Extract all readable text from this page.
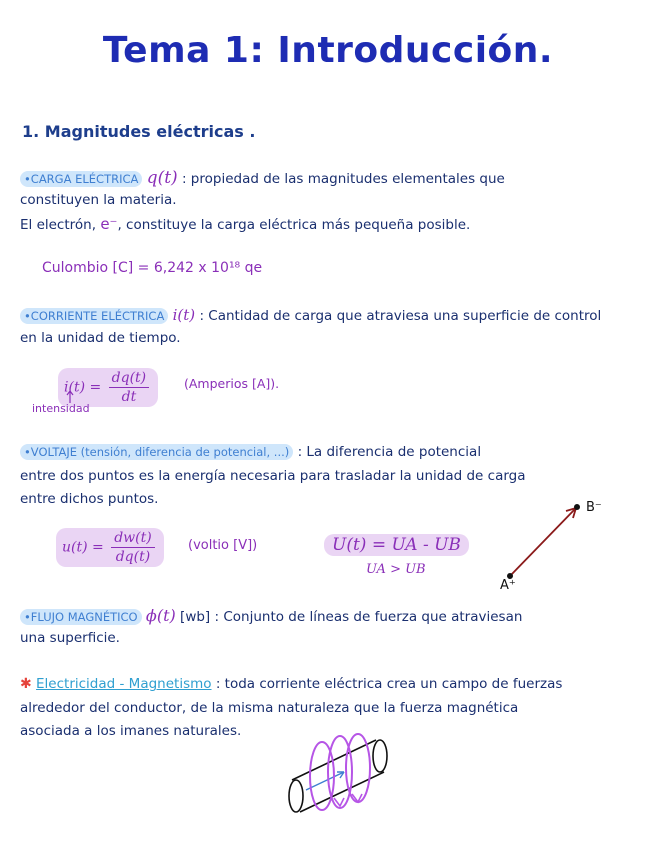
Tema 1: Introducción.
1. Magnitudes eléctricas .
•CARGA ELÉCTRICA q(t) : propiedad de las magnitudes elementales que
constituyen la materia.
El electrón, e⁻, constituye la carga eléctrica más pequeña posible.
Culombio [C] = 6,242 x 10¹⁸ qe
•CORRIENTE ELÉCTRICA i(t) : Cantidad de carga que atraviesa una superficie de control
en la unidad de tiempo.
$i(t) = \frac{dq(t)}{dt}$	(Amperios [A]).
intensidad
•VOLTAJE (tensión, diferencia de potencial, ...) : La diferencia de potencial
entre dos puntos es la energía necesaria para trasladar la unidad de carga
entre dichos puntos.
$u(t) = \frac{dw(t)}{dq(t)}$	(voltio [V])	U(t) = UA - UB
UA > UB
B⁻
A⁺
•FLUJO MAGNÉTICO ϕ(t) [wb] : Conjunto de líneas de fuerza que atraviesan
una superficie.
✱ Electricidad - Magnetismo : toda corriente eléctrica crea un campo de fuerzas
alrededor del conductor, de la misma naturaleza que la fuerza magnética
asociada a los imanes naturales.
